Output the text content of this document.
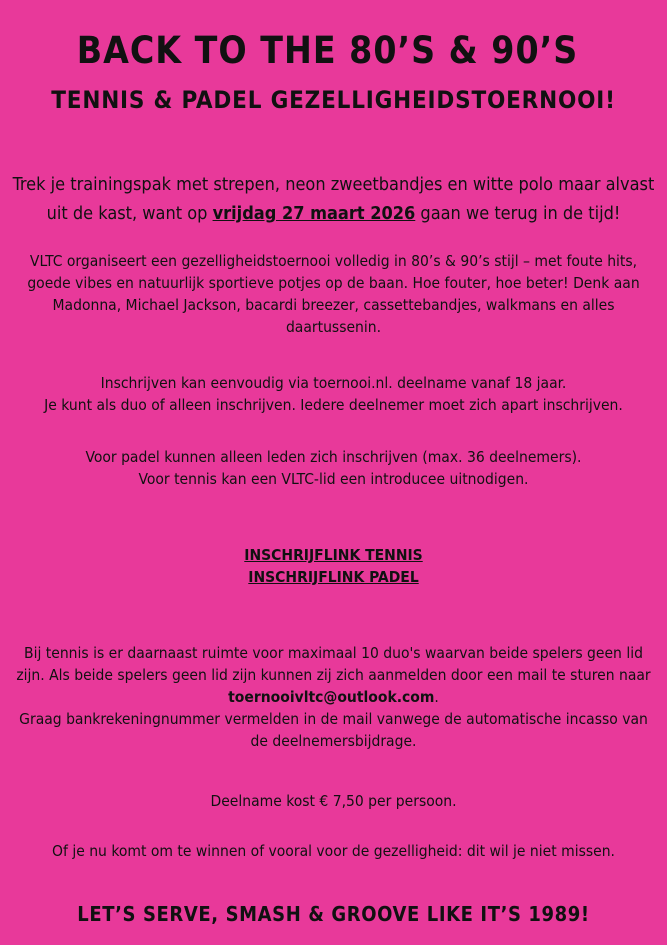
BACK TO THE 80’S & 90’S
TENNIS & PADEL GEZELLIGHEIDSTOERNOOI!

Trek je trainingspak met strepen, neon zweetbandjes en witte polo maar alvast uit de kast, want op vrijdag 27 maart 2026 gaan we terug in de tijd!

VLTC organiseert een gezelligheidstoernooi volledig in 80’s & 90’s stijl – met foute hits, goede vibes en natuurlijk sportieve potjes op de baan. Hoe fouter, hoe beter! Denk aan Madonna, Michael Jackson, bacardi breezer, cassettebandjes, walkmans en alles daartussenin.

Inschrijven kan eenvoudig via toernooi.nl. deelname vanaf 18 jaar.
Je kunt als duo of alleen inschrijven. Iedere deelnemer moet zich apart inschrijven.

Voor padel kunnen alleen leden zich inschrijven (max. 36 deelnemers).
Voor tennis kan een VLTC-lid een introducee uitnodigen.

INSCHRIJFLINK TENNIS
INSCHRIJFLINK PADEL

Bij tennis is er daarnaast ruimte voor maximaal 10 duo's waarvan beide spelers geen lid zijn. Als beide spelers geen lid zijn kunnen zij zich aanmelden door een mail te sturen naar toernooivltc@outlook.com.
Graag bankrekeningnummer vermelden in de mail vanwege de automatische incasso van de deelnemersbijdrage.

Deelname kost € 7,50 per persoon.

Of je nu komt om te winnen of vooral voor de gezelligheid: dit wil je niet missen.

LET’S SERVE, SMASH & GROOVE LIKE IT’S 1989!
